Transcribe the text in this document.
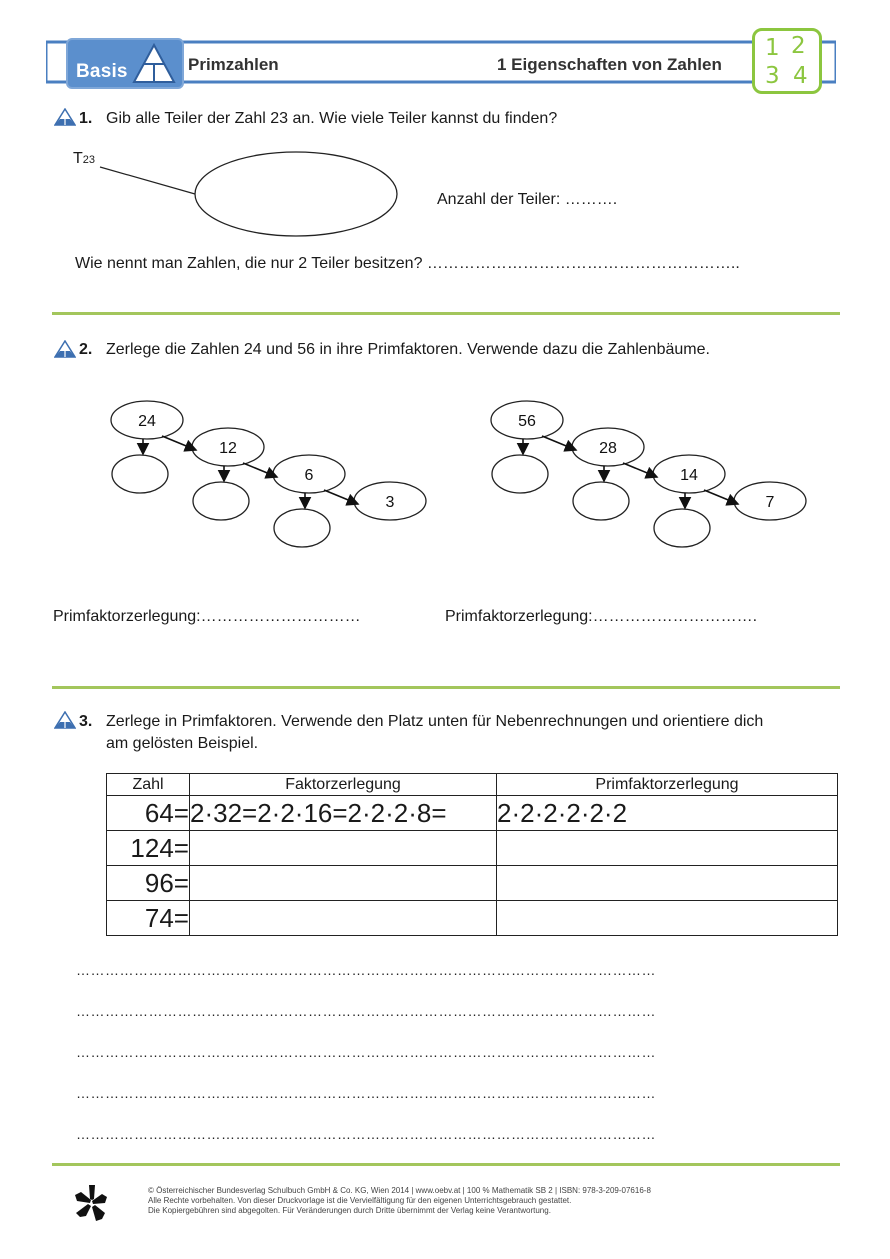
Basis	Primzahlen	1 Eigenschaften von Zahlen
1 2
3 4
1. Gib alle Teiler der Zahl 23 an. Wie viele Teiler kannst du finden?
T23
Anzahl der Teiler: ……….
Wie nennt man Zahlen, die nur 2 Teiler besitzen? …………………………………………………..
2. Zerlege die Zahlen 24 und 56 in ihre Primfaktoren. Verwende dazu die Zahlenbäume.
24
12
6
3
56
28
14
7
Primfaktorzerlegung:…………………………	Primfaktorzerlegung:………………………….
3. Zerlege in Primfaktoren. Verwende den Platz unten für Nebenrechnungen und orientiere dich
am gelösten Beispiel.
Zahl	Faktorzerlegung	Primfaktorzerlegung
64=	2·32=2·2·16=2·2·2·8=	2·2·2·2·2·2
124=		
96=		
74=		
…………………………………………………………………………………………………………
…………………………………………………………………………………………………………
…………………………………………………………………………………………………………
…………………………………………………………………………………………………………
…………………………………………………………………………………………………………
© Österreichischer Bundesverlag Schulbuch GmbH & Co. KG, Wien 2014 | www.oebv.at | 100 % Mathematik SB 2 | ISBN: 978-3-209-07616-8
Alle Rechte vorbehalten. Von dieser Druckvorlage ist die Vervielfältigung für den eigenen Unterrichtsgebrauch gestattet.
Die Kopiergebühren sind abgegolten. Für Veränderungen durch Dritte übernimmt der Verlag keine Verantwortung.
